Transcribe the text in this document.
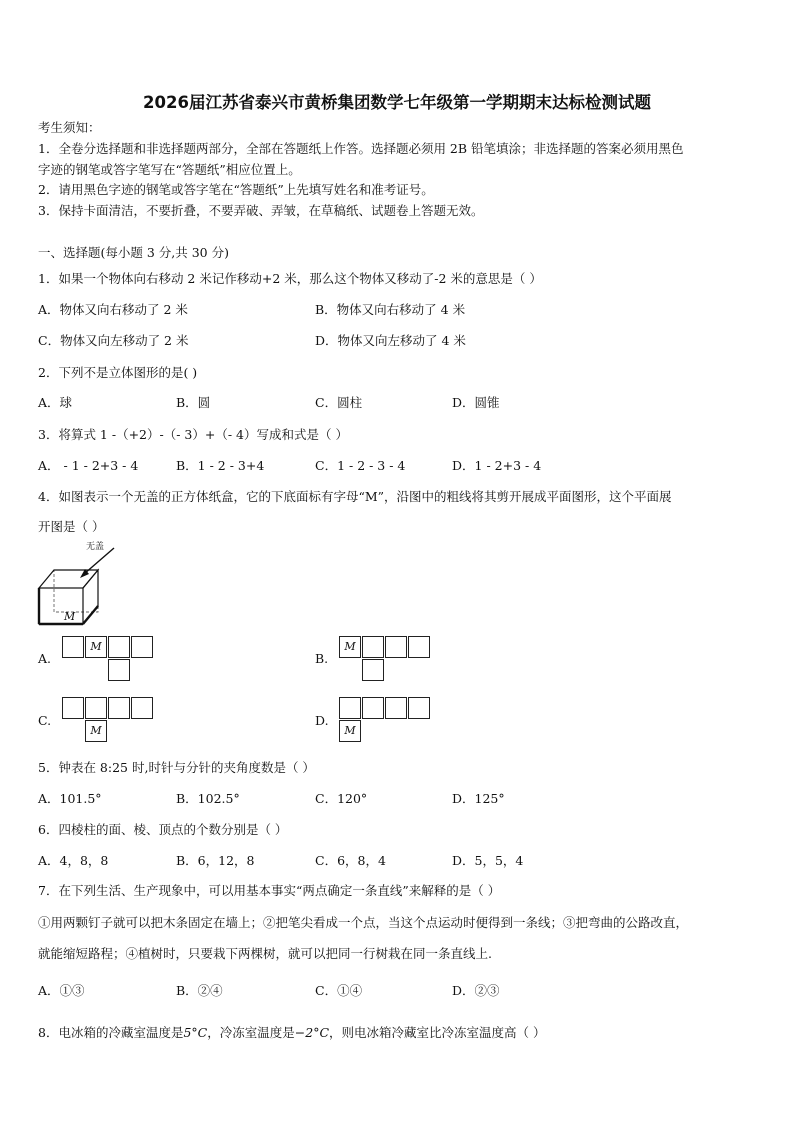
2026届江苏省泰兴市黄桥集团数学七年级第一学期期末达标检测试题
考生须知：
1．全卷分选择题和非选择题两部分，全部在答题纸上作答。选择题必须用 2B 铅笔填涂；非选择题的答案必须用黑色
字迹的钢笔或答字笔写在“答题纸”相应位置上。
2．请用黑色字迹的钢笔或答字笔在“答题纸”上先填写姓名和准考证号。
3．保持卡面清洁，不要折叠，不要弄破、弄皱，在草稿纸、试题卷上答题无效。
一、选择题(每小题 3 分,共 30 分)
1．如果一个物体向右移动 2 米记作移动+2 米，那么这个物体又移动了-2 米的意思是（ ）
A．物体又向右移动了 2 米	B．物体又向右移动了 4 米
C．物体又向左移动了 2 米	D．物体又向左移动了 4 米
2．下列不是立体图形的是( )
A．球	B．圆	C．圆柱	D．圆锥
3．将算式 1 -（+2）-（- 3）+（- 4）写成和式是（ ）
A． - 1 - 2+3 - 4	B．1 - 2 - 3+4	C．1 - 2 - 3 - 4	D．1 - 2+3 - 4
4．如图表示一个无盖的正方体纸盒，它的下底面标有字母“M”，沿图中的粗线将其剪开展成平面图形，这个平面展
开图是（ ）
无盖
M
A.
M
B.
M
C.
M
D.
M
5．钟表在 8:25 时,时针与分针的夹角度数是（ ）
A．101.5°	B．102.5°	C．120°	D．125°
6．四棱柱的面、棱、顶点的个数分别是（ ）
A．4，8，8	B．6，12，8	C．6，8，4	D．5，5，4
7．在下列生活、生产现象中，可以用基本事实“两点确定一条直线”来解释的是（ ）
①用两颗钉子就可以把木条固定在墙上；②把笔尖看成一个点，当这个点运动时便得到一条线；③把弯曲的公路改直，
就能缩短路程；④植树时，只要栽下两棵树，就可以把同一行树栽在同一条直线上.
A．①③	B．②④	C．①④	D．②③
8．电冰箱的冷藏室温度是5°C，冷冻室温度是−2°C，则电冰箱冷藏室比冷冻室温度高（ ）
